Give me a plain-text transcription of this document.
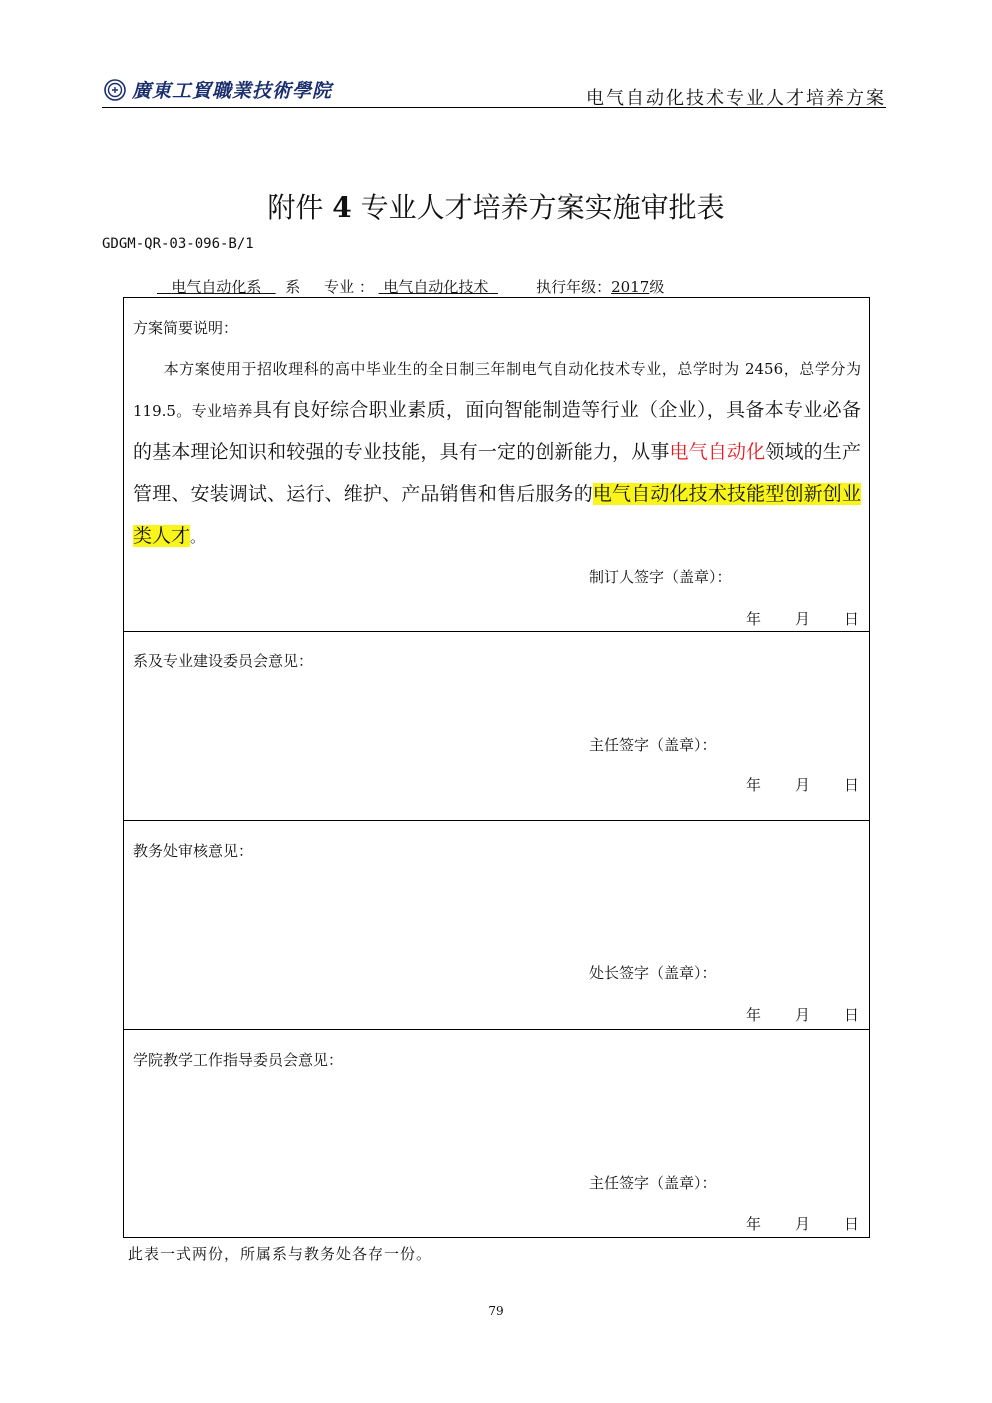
廣東工貿職業技術學院	电气自动化技术专业人才培养方案
附件 4 专业人才培养方案实施审批表
GDGM-QR-03-096-B/1
电气自动化系 系 专业 ： 电气自动化技术	执行年级：2017级
方案简要说明：
本方案使用于招收理科的高中毕业生的全日制三年制电气自动化技术专业，总学时为 2456，总学分为 119.5。专业培养具有良好综合职业素质，面向智能制造等行业（企业），具备本专业必备的基本理论知识和较强的专业技能，具有一定的创新能力，从事电气自动化领域的生产管理、安装调试、运行、维护、产品销售和售后服务的电气自动化技术技能型创新创业类人才。
制订人签字（盖章）：
年 月 日

系及专业建设委员会意见：
主任签字（盖章）：
年 月 日

教务处审核意见：
处长签字（盖章）：
年 月 日

学院教学工作指导委员会意见：
主任签字（盖章）：
年 月 日
此表一式两份，所属系与教务处各存一份。
79
